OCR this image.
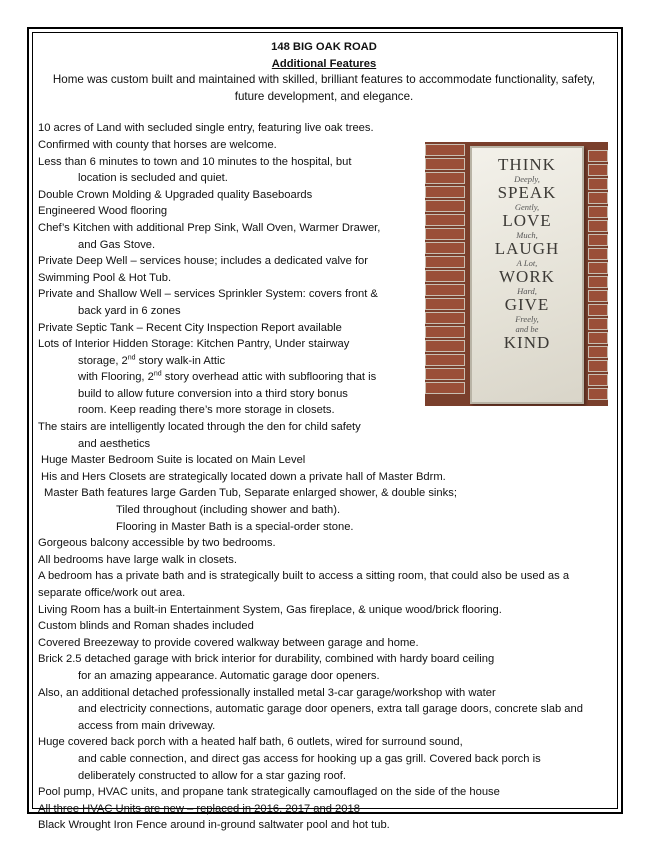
148 BIG OAK ROAD

Additional Features

Home was custom built and maintained with skilled, brilliant features to accommodate functionality, safety, future development, and elegance.

10 acres of Land with secluded single entry, featuring live oak trees.

Confirmed with county that horses are welcome.

Less than 6 minutes to town and 10 minutes to the hospital, but

location is secluded and quiet.

Double Crown Molding & Upgraded quality Baseboards

Engineered Wood flooring

Chef’s Kitchen with additional Prep Sink, Wall Oven, Warmer Drawer,

and Gas Stove.

Private Deep Well – services house; includes a dedicated valve for

Swimming Pool & Hot Tub.

Private and Shallow Well – services Sprinkler System: covers front &

back yard in 6 zones

Private Septic Tank – Recent City Inspection Report available

Lots of Interior Hidden Storage: Kitchen Pantry, Under stairway

storage, 2nd story walk-in Attic

with Flooring, 2nd story overhead attic with subflooring that is

build to allow future conversion into a third story bonus

room. Keep reading there’s more storage in closets.

The stairs are intelligently located through the den for child safety

and aesthetics

Huge Master Bedroom Suite is located on Main Level

His and Hers Closets are strategically located down a private hall of Master Bdrm.

Master Bath features large Garden Tub, Separate enlarged shower, & double sinks;

Tiled throughout (including shower and bath).

Flooring in Master Bath is a special-order stone.

Gorgeous balcony accessible by two bedrooms.

All bedrooms have large walk in closets.

A bedroom has a private bath and is strategically built to access a sitting room, that could also be used as a

separate office/work out area.

Living Room has a built-in Entertainment System, Gas fireplace, & unique wood/brick flooring.

Custom blinds and Roman shades included

Covered Breezeway to provide covered walkway between garage and home.

Brick 2.5 detached garage with brick interior for durability, combined with hardy board ceiling

for an amazing appearance. Automatic garage door openers.

Also, an additional detached professionally installed metal 3-car garage/workshop with water

and electricity connections, automatic garage door openers, extra tall garage doors, concrete slab and

access from main driveway.

Huge covered back porch with a heated half bath, 6 outlets, wired for surround sound,

and cable connection, and direct gas access for hooking up a gas grill. Covered back porch is

deliberately constructed to allow for a star gazing roof.

Pool pump, HVAC units, and propane tank strategically camouflaged on the side of the house

All three HVAC Units are new – replaced in 2016, 2017 and 2018

Black Wrought Iron Fence around in-ground saltwater pool and hot tub.

THINK

Deeply,

SPEAK

Gently,

LOVE

Much,

LAUGH

A Lot,

WORK

Hard,

GIVE

Freely,

and be

KIND
